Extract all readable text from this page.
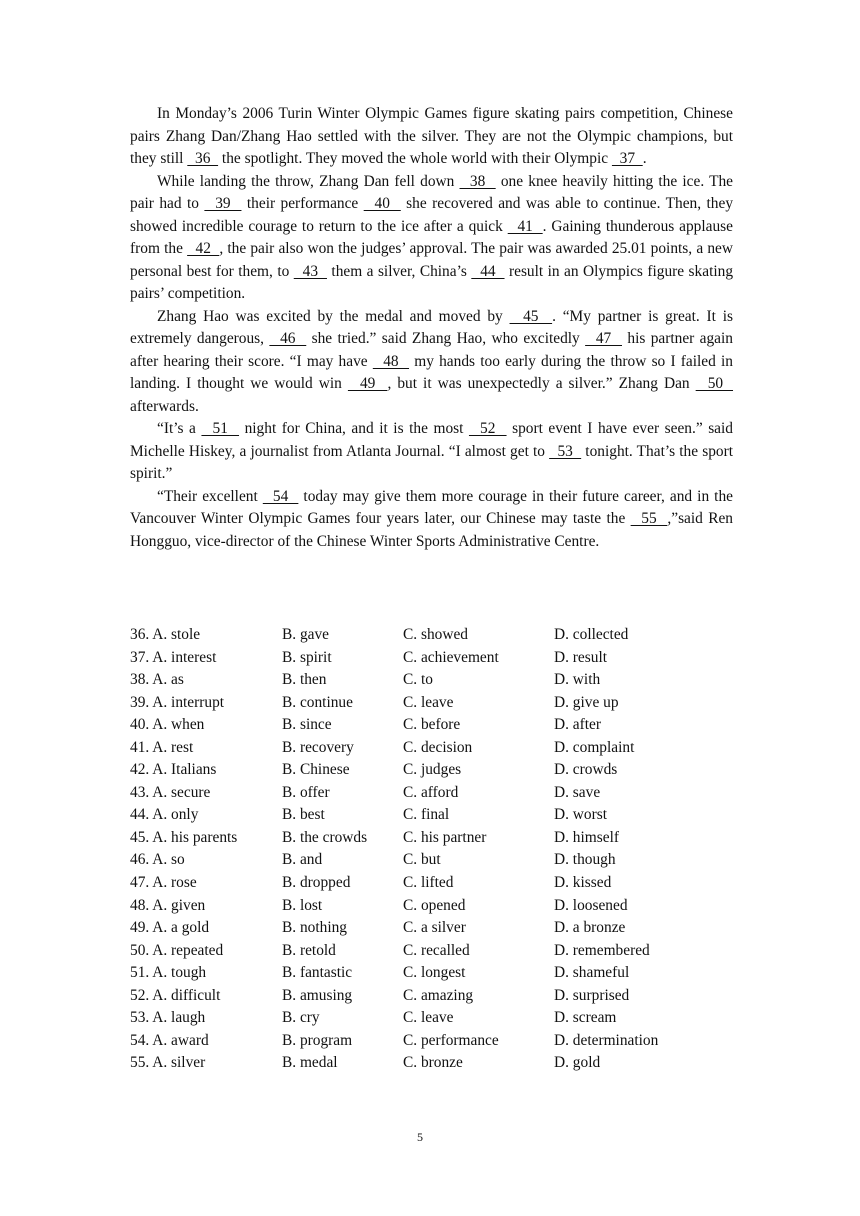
In Monday’s 2006 Turin Winter Olympic Games figure skating pairs competition, Chinese pairs Zhang Dan/Zhang Hao settled with the silver. They are not the Olympic champions, but they still   36   the spotlight. They moved the whole world with their Olympic   37  .

While landing the throw, Zhang Dan fell down   38   one knee heavily hitting the ice. The pair had to   39   their performance   40   she recovered and was able to continue. Then, they showed incredible courage to return to the ice after a quick   41  . Gaining thunderous applause from the   42  , the pair also won the judges’ approval. The pair was awarded 25.01 points, a new personal best for them, to   43   them a silver, China’s   44   result in an Olympics figure skating pairs’ competition.

Zhang Hao was excited by the medal and moved by   45  . “My partner is great. It is extremely dangerous,   46   she tried.” said Zhang Hao, who excitedly   47   his partner again after hearing their score. “I may have   48   my hands too early during the throw so I failed in landing. I thought we would win   49  , but it was unexpectedly a silver.” Zhang Dan   50   afterwards.

“It’s a   51   night for China, and it is the most   52   sport event I have ever seen.” said Michelle Hiskey, a journalist from Atlanta Journal. “I almost get to   53   tonight. That’s the sport spirit.”

“Their excellent   54   today may give them more courage in their future career, and in the Vancouver Winter Olympic Games four years later, our Chinese may taste the   55  ,”said Ren Hongguo, vice-director of the Chinese Winter Sports Administrative Centre.

36. A. stole	B. gave	C. showed	D. collected
37. A. interest	B. spirit	C. achievement	D. result
38. A. as	B. then	C. to	D. with
39. A. interrupt	B. continue	C. leave	D. give up
40. A. when	B. since	C. before	D. after
41. A. rest	B. recovery	C. decision	D. complaint
42. A. Italians	B. Chinese	C. judges	D. crowds
43. A. secure	B. offer	C. afford	D. save
44. A. only	B. best	C. final	D. worst
45. A. his parents	B. the crowds C. his partner	D. himself
46. A. so	B. and	C. but	D. though
47. A. rose	B. dropped	C. lifted	D. kissed
48. A. given	B. lost	C. opened	D. loosened
49. A. a gold	B. nothing	C. a silver	D. a bronze
50. A. repeated	B. retold	C. recalled	D. remembered
51. A. tough	B. fantastic	C. longest	D. shameful
52. A. difficult	B. amusing	C. amazing	D. surprised
53. A. laugh	B. cry	C. leave	D. scream
54. A. award	B. program	C. performance	D. determination
55. A. silver	B. medal	C. bronze	D. gold
5
